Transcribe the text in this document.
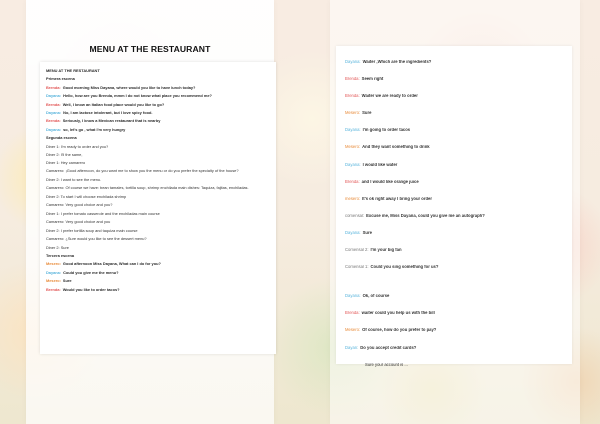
MENU AT THE RESTAURANT
MENU AT THE RESTAURANT
Primera escena
Brenda: Good morning Miss Dayana, where would you like to have lunch today?
Dayana: Hello, how are you Brenda, mmm I do not know what place you recommend me?
Brenda: Well, I know an Italian food place would you like to go?
Dayana: No, I am lactose intolerant, but I love spicy food.
Brenda: Seriously, I know a Mexican restaurant that is nearby
Dayana: so, let's go , what I'm very hungry
Segunda escena
Diner 1: I'm ready to order and you?
Diner 2: I'll the same,
Diner 1: Hey camarero
Camarero: ¡Good afternoon, do you want me to show you the menu or do you prefer the specialty of the house?
Diner 2: I want to see the menu.
Camarero: Of course we have: bean tamales, tortilla soup, shrimp enchilada main dishes: Taquiza, fajitas, enchiladas.
Diner 2: To start I will choose enchilada shrimp
Camarero: Very good choice and you?
Diner 1: I prefer tomato casserole and the enchiladas main course
Camarero: Very good choice and you
Diner 2: I prefer tortilla soup and taquiza main course
Camarero: ¿Sure would you like to see the dessert menu?
Diner 2: Sure
Tercera escena
Mesero: Good afternoon Miss Dayana, What can I do for you?
Dayana: Could you give me the menu?
Mesero: Sure
Brenda: Would you like to order tacos?
Dayana: Waiter ,Which are the ingredients?
Brenda: Seem right
Brenda: Waiter we are ready to order
Mesero: Sure
Dayana: I'm going to order tacos
Mesero: And they want something to drink
Dayana: I would like water
Brenda: and I would like orange juice
mesero: It's ok right away I bring your order
comensal: Excuse me, Miss Dayana, could you give me an autograph?
Dayana: Sure
Comensal 2: I'm your big fan
Comensal 1: Could you sing something for us?
Dayana: Ok, of course
Brenda: waiter could you help us with the bill
Mesero: Of course, how do you prefer to pay?
Dayan: Do you accept credit cards?
Sure your account is ...
